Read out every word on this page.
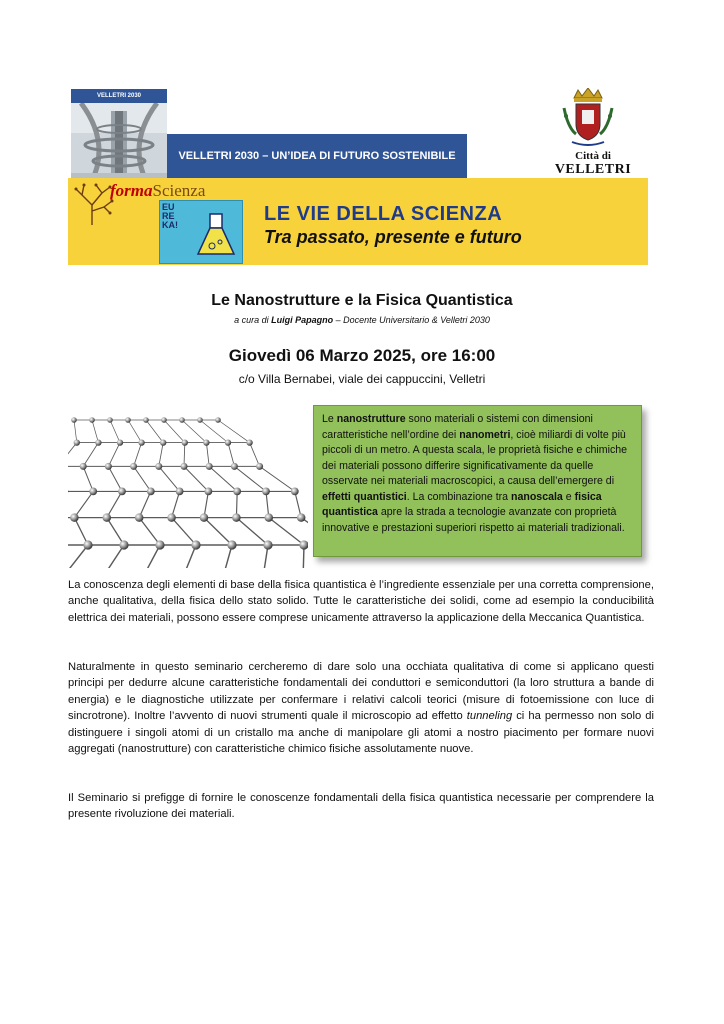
VELLETRI 2030
VELLETRI 2030 – UN’IDEA DI FUTURO SOSTENIBILE	Città di
VELLETRI
formaScienza
EU
RE
KA!	LE VIE DELLA SCIENZA
Tra passato, presente e futuro
Le Nanostrutture e la Fisica Quantistica
a cura di Luigi Papagno – Docente Universitario & Velletri 2030
Giovedì 06 Marzo 2025, ore 16:00
c/o Villa Bernabei, viale dei cappuccini, Velletri
Le nanostrutture sono materiali o sistemi con dimensioni caratteristiche nell’ordine dei nanometri, cioè miliardi di volte più piccoli di un metro. A questa scala, le proprietà fisiche e chimiche dei materiali possono differire significativamente da quelle osservate nei materiali macroscopici, a causa dell’emergere di effetti quantistici. La combinazione tra nanoscala e fisica quantistica apre la strada a tecnologie avanzate con proprietà innovative e prestazioni superiori rispetto ai materiali tradizionali.
La conoscenza degli elementi di base della fisica quantistica è l’ingrediente essenziale per una corretta comprensione, anche qualitativa, della fisica dello stato solido. Tutte le caratteristiche dei solidi, come ad esempio la conducibilità elettrica dei materiali, possono essere comprese unicamente attraverso la applicazione della Meccanica Quantistica.
Naturalmente in questo seminario cercheremo di dare solo una occhiata qualitativa di come si applicano questi principi per dedurre alcune caratteristiche fondamentali dei conduttori e semiconduttori (la loro struttura a bande di energia) e le diagnostiche utilizzate per confermare i relativi calcoli teorici (misure di fotoemissione con luce di sincrotrone). Inoltre l’avvento di nuovi strumenti quale il microscopio ad effetto tunneling ci ha permesso non solo di distinguere i singoli atomi di un cristallo ma anche di manipolare gli atomi a nostro piacimento per formare nuovi aggregati (nanostrutture) con caratteristiche chimico fisiche assolutamente nuove.
Il Seminario si prefigge di fornire le conoscenze fondamentali della fisica quantistica necessarie per comprendere la presente rivoluzione dei materiali.
